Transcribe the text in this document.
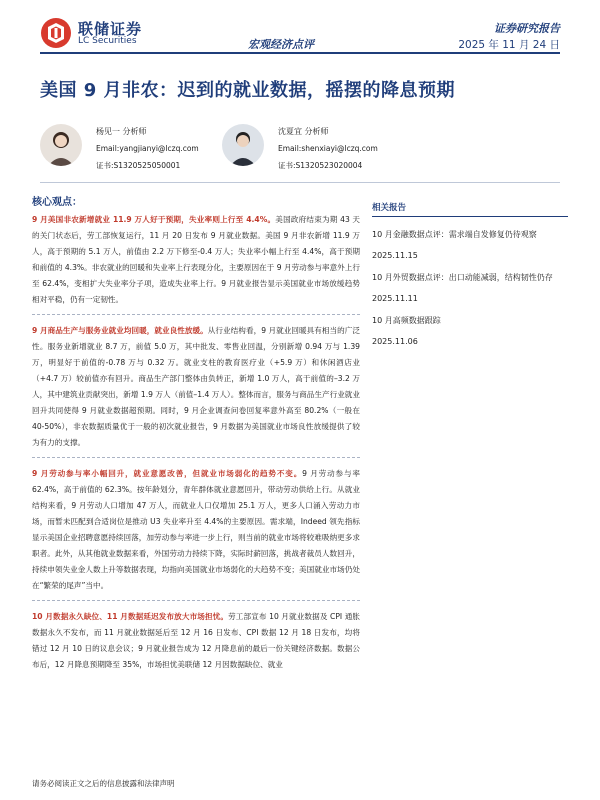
联储证券
LC Securities	宏观经济点评
证券研究报告
2025 年 11 月 24 日
美国 9 月非农：迟到的就业数据，摇摆的降息预期
杨见一 分析师
Email:yangjianyi@lczq.com
证书:S1320525050001
沈夏宜 分析师
Email:shenxiayi@lczq.com
证书:S1320523020004
核心观点：

9 月美国非农新增就业 11.9 万人好于预期，失业率则上行至 4.4%。美国政府结束为期 43 天的关门状态后，劳工部恢复运行，11 月 20 日发布 9 月就业数据。美国 9 月非农新增 11.9 万人，高于预期的 5.1 万人，前值由 2.2 万下修至-0.4 万人；失业率小幅上行至 4.4%，高于预期和前值的 4.3%。非农就业的回暖和失业率上行表现分化，主要原因在于 9 月劳动参与率意外上行至 62.4%，变相扩大失业率分子项，造成失业率上行。9 月就业报告显示美国就业市场放缓趋势相对平稳，仍有一定韧性。

9 月商品生产与服务业就业均回暖，就业良性放缓。从行业结构看，9 月就业回暖具有相当的广泛性。服务业新增就业 8.7 万，前值 5.0 万，其中批发、零售业回温，分别新增 0.94 万与 1.39 万，明显好于前值的-0.78 万与 0.32 万。就业支柱的教育医疗业（+5.9 万）和休闲酒店业（+4.7 万）较前值亦有回升。商品生产部门整体由负转正，新增 1.0 万人，高于前值的–3.2 万人，其中建筑业贡献突出，新增 1.9 万人（前值–1.4 万人）。整体而言，服务与商品生产行业就业回升共同使得 9 月就业数据超预期。同时，9 月企业调查问卷回复率意外高至 80.2%（一般在 40-50%），非农数据质量优于一般的初次就业报告，9 月数据为美国就业市场良性放缓提供了较为有力的支撑。

9 月劳动参与率小幅回升，就业意愿改善，但就业市场弱化的趋势不变。9 月劳动参与率 62.4%，高于前值的 62.3%。按年龄划分，青年群体就业意愿回升，带动劳动供给上行。从就业结构来看，9 月劳动人口增加 47 万人，而就业人口仅增加 25.1 万人，更多人口涌入劳动力市场，而暂未匹配到合适岗位是推动 U3 失业率升至 4.4%的主要原因。需求端，Indeed 领先指标显示美国企业招聘意愿持续回落，加劳动参与率进一步上行，则当前的就业市场将较难吸纳更多求职者。此外，从其他就业数据来看，外国劳动力持续下降，实际时薪回落，挑战者裁员人数回升，持续申领失业金人数上升等数据表现，均指向美国就业市场弱化的大趋势不变；美国就业市场仍处在“繁荣的尾声”当中。

10 月数据永久缺位、11 月数据延迟发布放大市场担忧。劳工部宣布 10 月就业数据及 CPI 通胀数据永久不发布，而 11 月就业数据延后至 12 月 16 日发布、CPI 数据 12 月 18 日发布，均将错过 12 月 10 日的议息会议；9 月就业报告成为 12 月降息前的最后一份关键经济数据。数据公布后，12 月降息预期降至 35%，市场担忧美联储 12 月因数据缺位、就业

相关报告
10 月金融数据点评：需求端自发修复仍待观察
2025.11.15
10 月外贸数据点评：出口动能减弱，结构韧性仍存
2025.11.11
10 月高频数据跟踪
2025.11.06
请务必阅读正文之后的信息披露和法律声明
